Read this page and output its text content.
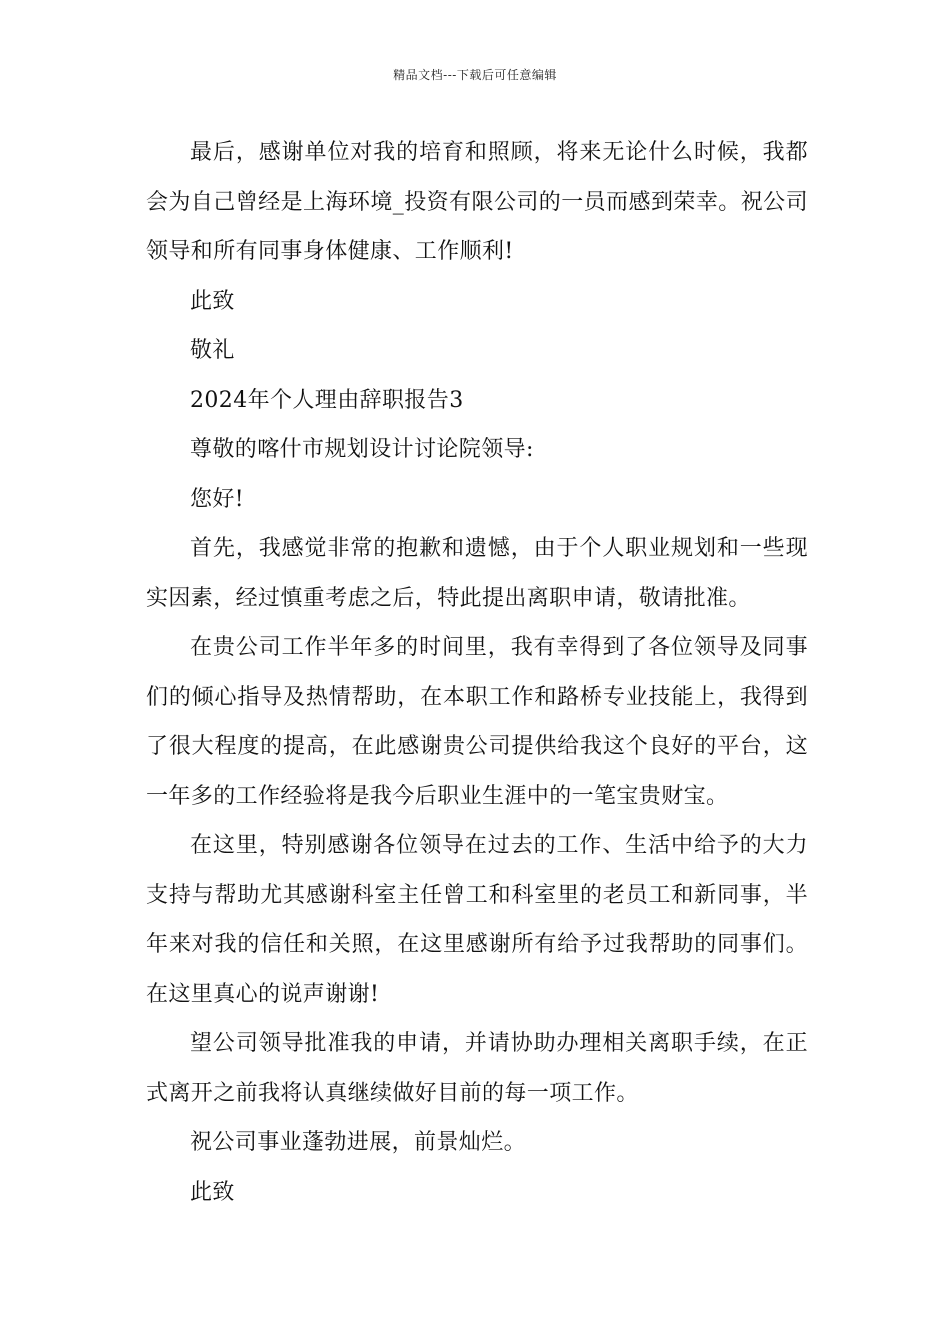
精品文档---下载后可任意编辑

最后，感谢单位对我的培育和照顾，将来无论什么时候，我都会为自己曾经是上海环境_投资有限公司的一员而感到荣幸。祝公司领导和所有同事身体健康、工作顺利!

此致

敬礼

2024年个人理由辞职报告3

尊敬的喀什市规划设计讨论院领导:

您好!

首先，我感觉非常的抱歉和遗憾，由于个人职业规划和一些现实因素，经过慎重考虑之后，特此提出离职申请，敬请批准。

在贵公司工作半年多的时间里，我有幸得到了各位领导及同事们的倾心指导及热情帮助，在本职工作和路桥专业技能上，我得到了很大程度的提高，在此感谢贵公司提供给我这个良好的平台，这一年多的工作经验将是我今后职业生涯中的一笔宝贵财宝。

在这里，特别感谢各位领导在过去的工作、生活中给予的大力支持与帮助尤其感谢科室主任曾工和科室里的老员工和新同事，半年来对我的信任和关照，在这里感谢所有给予过我帮助的同事们。在这里真心的说声谢谢!

望公司领导批准我的申请，并请协助办理相关离职手续，在正式离开之前我将认真继续做好目前的每一项工作。

祝公司事业蓬勃进展，前景灿烂。

此致
